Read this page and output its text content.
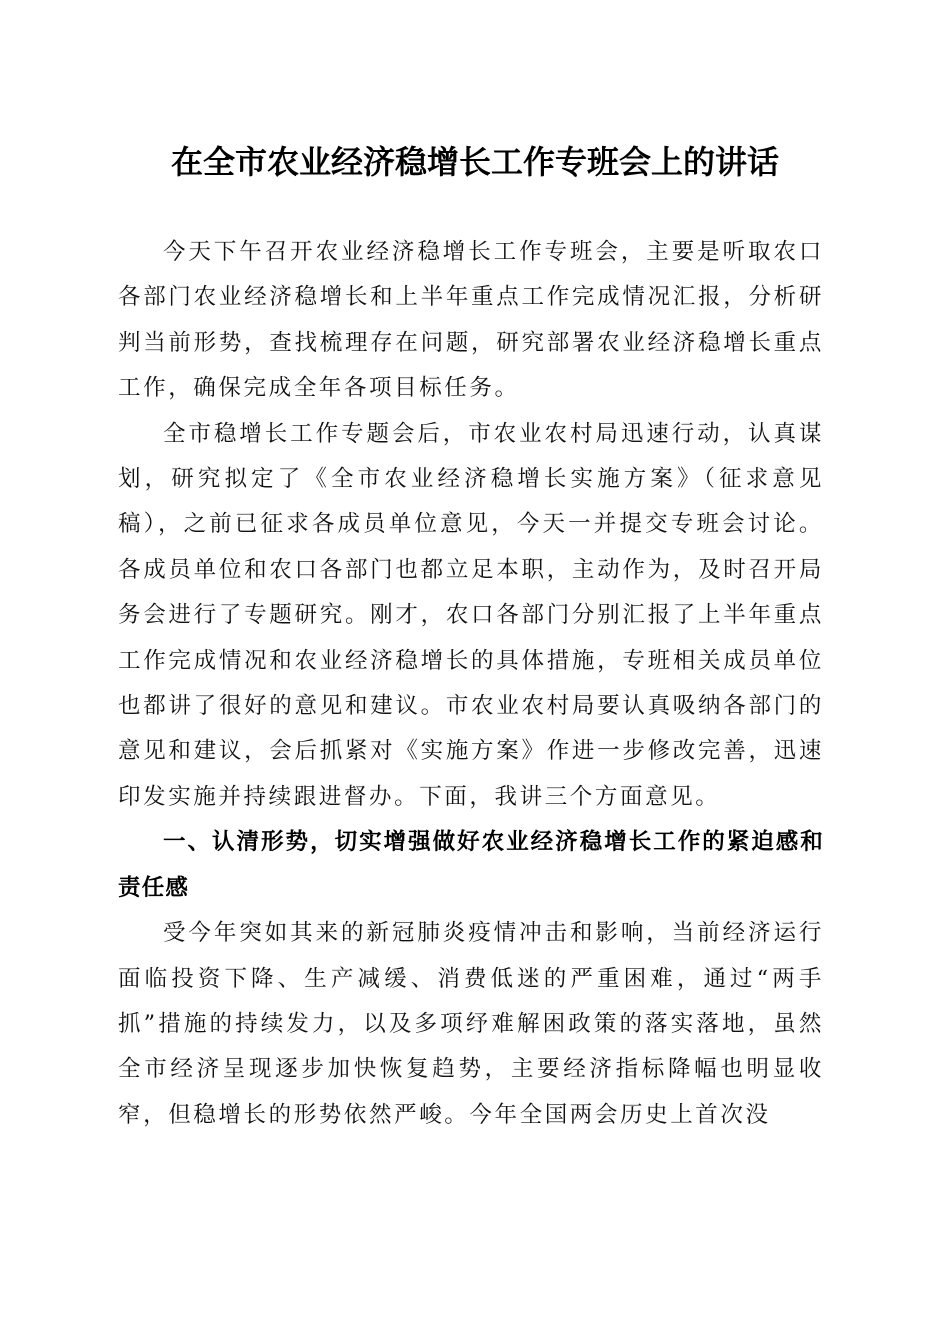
在全市农业经济稳增长工作专班会上的讲话

今天下午召开农业经济稳增长工作专班会，主要是听取农口各部门农业经济稳增长和上半年重点工作完成情况汇报，分析研判当前形势，查找梳理存在问题，研究部署农业经济稳增长重点工作，确保完成全年各项目标任务。

全市稳增长工作专题会后，市农业农村局迅速行动，认真谋划，研究拟定了《全市农业经济稳增长实施方案》（征求意见稿），之前已征求各成员单位意见，今天一并提交专班会讨论。各成员单位和农口各部门也都立足本职，主动作为，及时召开局务会进行了专题研究。刚才，农口各部门分别汇报了上半年重点工作完成情况和农业经济稳增长的具体措施，专班相关成员单位也都讲了很好的意见和建议。市农业农村局要认真吸纳各部门的意见和建议，会后抓紧对《实施方案》作进一步修改完善，迅速印发实施并持续跟进督办。下面，我讲三个方面意见。

一、认清形势，切实增强做好农业经济稳增长工作的紧迫感和责任感

受今年突如其来的新冠肺炎疫情冲击和影响，当前经济运行面临投资下降、生产减缓、消费低迷的严重困难，通过“两手抓”措施的持续发力，以及多项纾难解困政策的落实落地，虽然全市经济呈现逐步加快恢复趋势，主要经济指标降幅也明显收窄，但稳增长的形势依然严峻。今年全国两会历史上首次没
